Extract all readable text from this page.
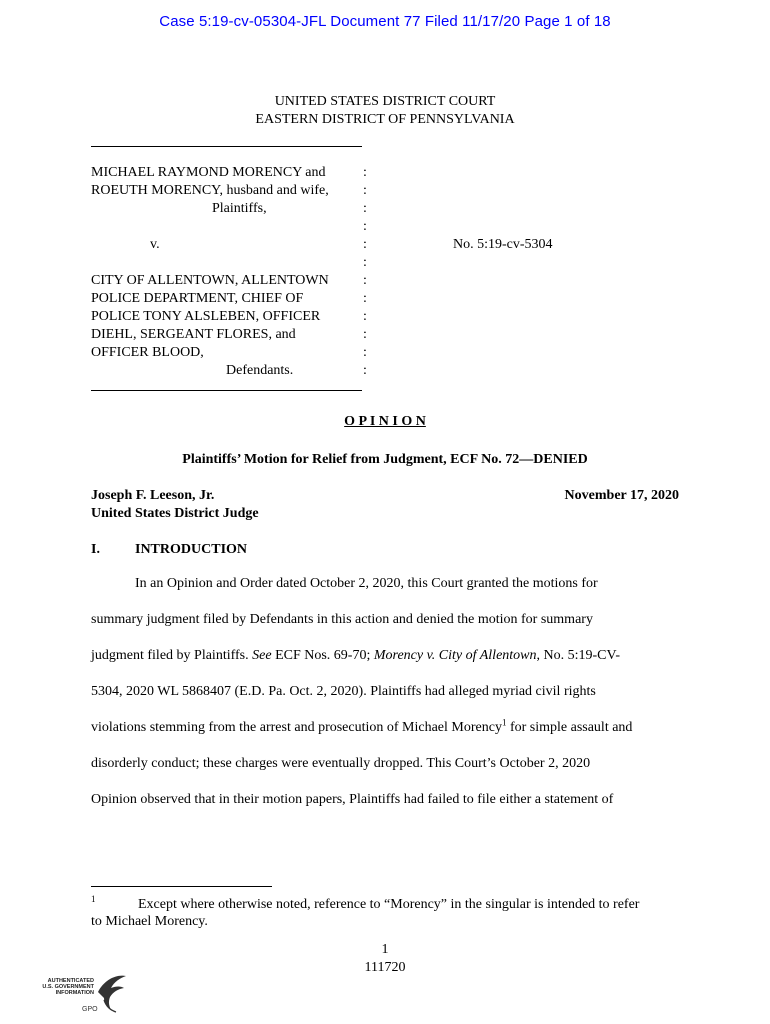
Case 5:19-cv-05304-JFL Document 77 Filed 11/17/20 Page 1 of 18
UNITED STATES DISTRICT COURT
EASTERN DISTRICT OF PENNSYLVANIA
MICHAEL RAYMOND MORENCY and
ROEUTH MORENCY, husband and wife,
Plaintiffs,
v.
CITY OF ALLENTOWN, ALLENTOWN
POLICE DEPARTMENT, CHIEF OF
POLICE TONY ALSLEBEN, OFFICER
DIEHL, SERGEANT FLORES, and
OFFICER BLOOD,
Defendants.
:
:
:
:
:
:
:
:
:
:
:
:
No. 5:19-cv-5304
O P I N I O N
Plaintiffs’ Motion for Relief from Judgment, ECF No. 72—DENIED
Joseph F. Leeson, Jr.
United States District Judge
November 17, 2020
I.	INTRODUCTION
In an Opinion and Order dated October 2, 2020, this Court granted the motions for
summary judgment filed by Defendants in this action and denied the motion for summary
judgment filed by Plaintiffs. See ECF Nos. 69-70; Morency v. City of Allentown, No. 5:19-CV-
5304, 2020 WL 5868407 (E.D. Pa. Oct. 2, 2020). Plaintiffs had alleged myriad civil rights
violations stemming from the arrest and prosecution of Michael Morency$^1$ for simple assault and
disorderly conduct; these charges were eventually dropped. This Court’s October 2, 2020
Opinion observed that in their motion papers, Plaintiffs had failed to file either a statement of
1	Except where otherwise noted, reference to “Morency” in the singular is intended to refer
to Michael Morency.
1
111720
AUTHENTICATED
U.S. GOVERNMENT
INFORMATION
GPO
